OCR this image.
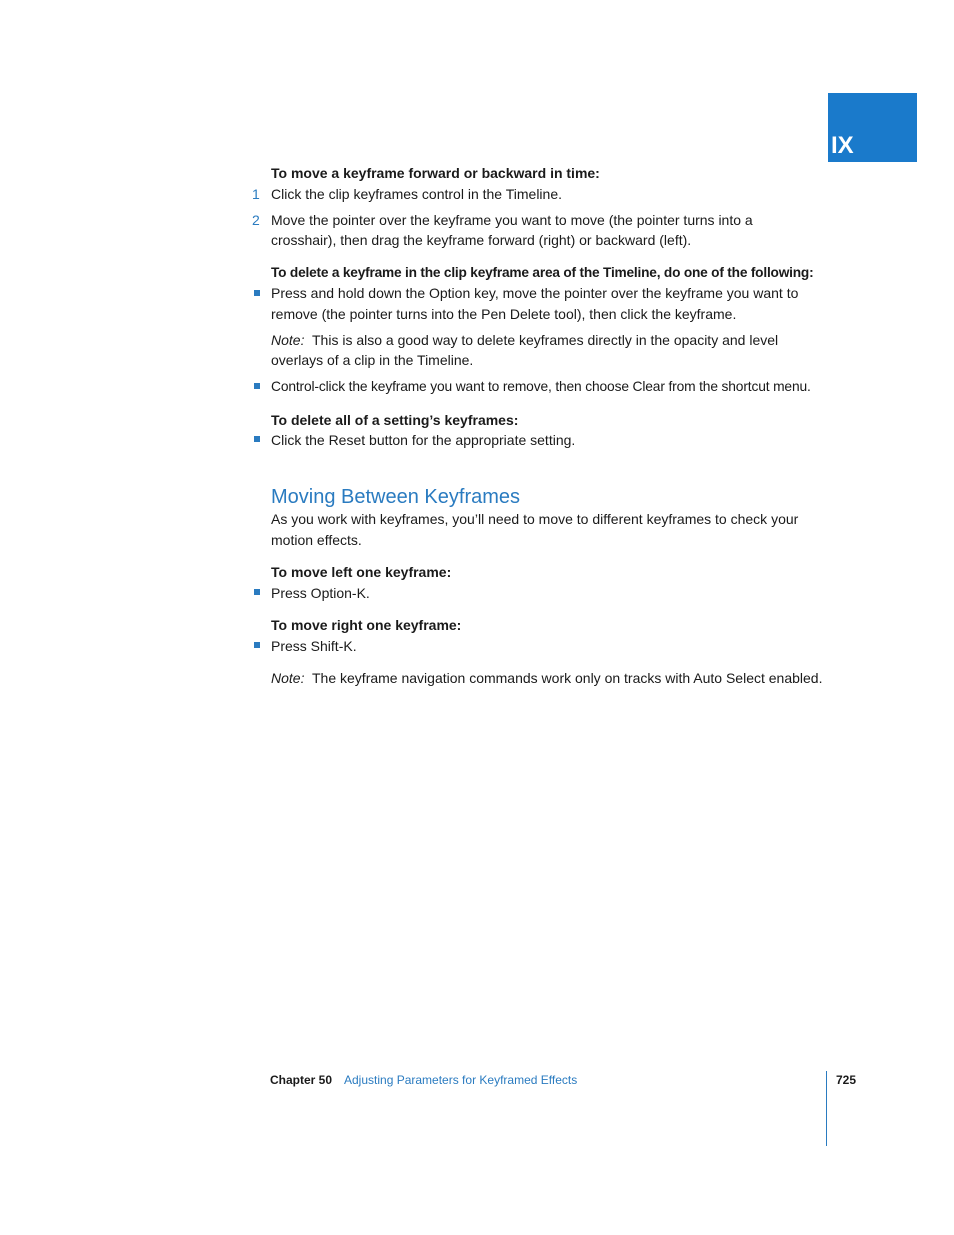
IX
To move a keyframe forward or backward in time:
1 Click the clip keyframes control in the Timeline.
2 Move the pointer over the keyframe you want to move (the pointer turns into a
crosshair), then drag the keyframe forward (right) or backward (left).
To delete a keyframe in the clip keyframe area of the Timeline, do one of the following:
Press and hold down the Option key, move the pointer over the keyframe you want to
remove (the pointer turns into the Pen Delete tool), then click the keyframe.
Note: This is also a good way to delete keyframes directly in the opacity and level
overlays of a clip in the Timeline.
Control-click the keyframe you want to remove, then choose Clear from the shortcut menu.
To delete all of a setting’s keyframes:
Click the Reset button for the appropriate setting.
Moving Between Keyframes
As you work with keyframes, you’ll need to move to different keyframes to check your
motion effects.
To move left one keyframe:
Press Option-K.
To move right one keyframe:
Press Shift-K.
Note: The keyframe navigation commands work only on tracks with Auto Select enabled.
Chapter 50 Adjusting Parameters for Keyframed Effects	725
